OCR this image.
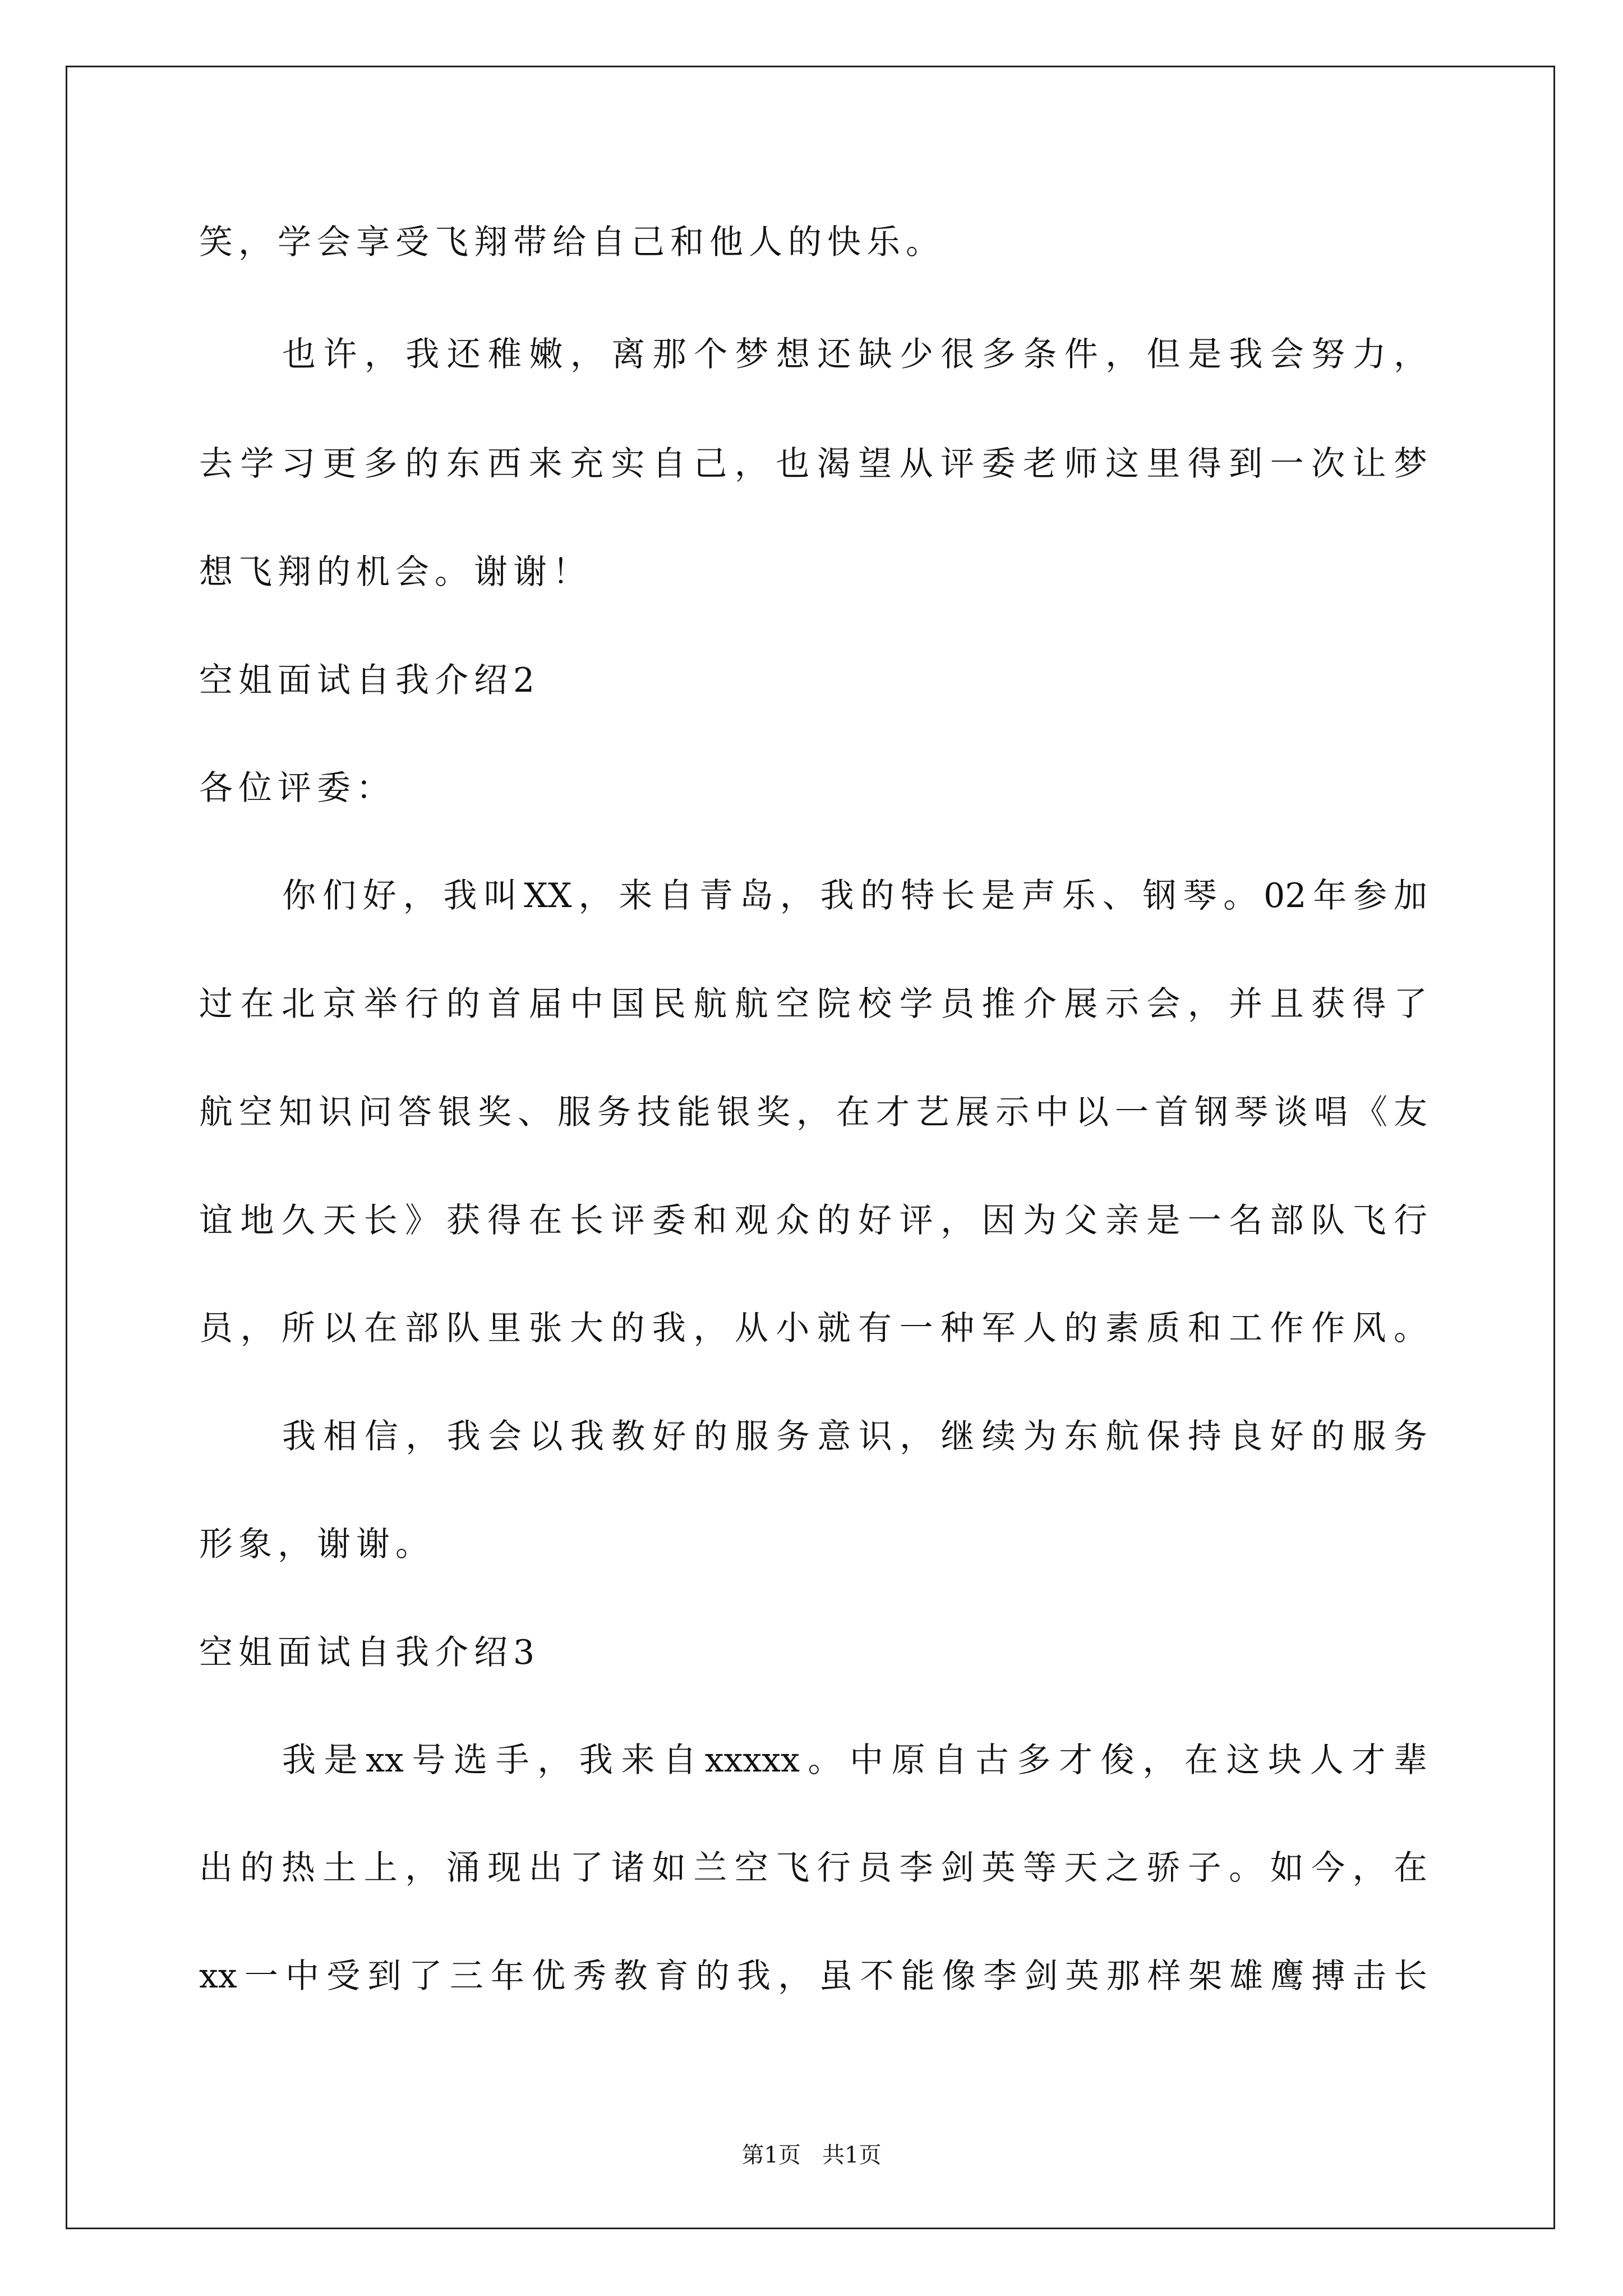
笑，学会享受飞翔带给自己和他人的快乐。
也许，我还稚嫩，离那个梦想还缺少很多条件，但是我会努力，
去学习更多的东西来充实自己，也渴望从评委老师这里得到一次让梦
想飞翔的机会。谢谢！
空姐面试自我介绍2
各位评委：
你们好，我叫XX，来自青岛，我的特长是声乐、钢琴。02年参加
过在北京举行的首届中国民航航空院校学员推介展示会，并且获得了
航空知识问答银奖、服务技能银奖，在才艺展示中以一首钢琴谈唱《友
谊地久天长》获得在长评委和观众的好评，因为父亲是一名部队飞行
员，所以在部队里张大的我，从小就有一种军人的素质和工作作风。
我相信，我会以我教好的服务意识，继续为东航保持良好的服务
形象，谢谢。
空姐面试自我介绍3
我是xx号选手，我来自xxxxx。中原自古多才俊，在这块人才辈
出的热土上，涌现出了诸如兰空飞行员李剑英等天之骄子。如今，在
xx一中受到了三年优秀教育的我，虽不能像李剑英那样架雄鹰搏击长
第1页   共1页
